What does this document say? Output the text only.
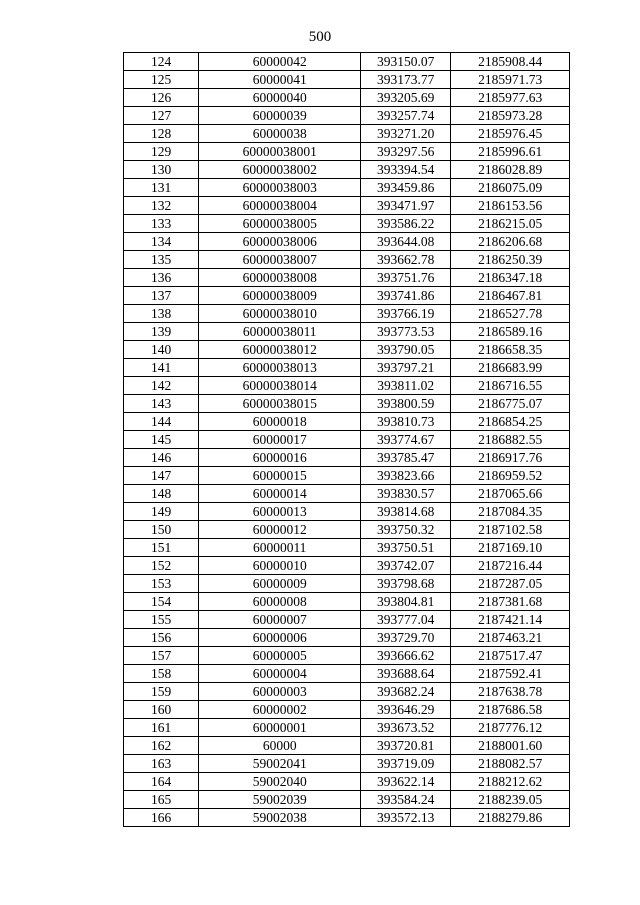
500
124	60000042	393150.07	2185908.44
125	60000041	393173.77	2185971.73
126	60000040	393205.69	2185977.63
127	60000039	393257.74	2185973.28
128	60000038	393271.20	2185976.45
129	60000038001	393297.56	2185996.61
130	60000038002	393394.54	2186028.89
131	60000038003	393459.86	2186075.09
132	60000038004	393471.97	2186153.56
133	60000038005	393586.22	2186215.05
134	60000038006	393644.08	2186206.68
135	60000038007	393662.78	2186250.39
136	60000038008	393751.76	2186347.18
137	60000038009	393741.86	2186467.81
138	60000038010	393766.19	2186527.78
139	60000038011	393773.53	2186589.16
140	60000038012	393790.05	2186658.35
141	60000038013	393797.21	2186683.99
142	60000038014	393811.02	2186716.55
143	60000038015	393800.59	2186775.07
144	60000018	393810.73	2186854.25
145	60000017	393774.67	2186882.55
146	60000016	393785.47	2186917.76
147	60000015	393823.66	2186959.52
148	60000014	393830.57	2187065.66
149	60000013	393814.68	2187084.35
150	60000012	393750.32	2187102.58
151	60000011	393750.51	2187169.10
152	60000010	393742.07	2187216.44
153	60000009	393798.68	2187287.05
154	60000008	393804.81	2187381.68
155	60000007	393777.04	2187421.14
156	60000006	393729.70	2187463.21
157	60000005	393666.62	2187517.47
158	60000004	393688.64	2187592.41
159	60000003	393682.24	2187638.78
160	60000002	393646.29	2187686.58
161	60000001	393673.52	2187776.12
162	60000	393720.81	2188001.60
163	59002041	393719.09	2188082.57
164	59002040	393622.14	2188212.62
165	59002039	393584.24	2188239.05
166	59002038	393572.13	2188279.86
